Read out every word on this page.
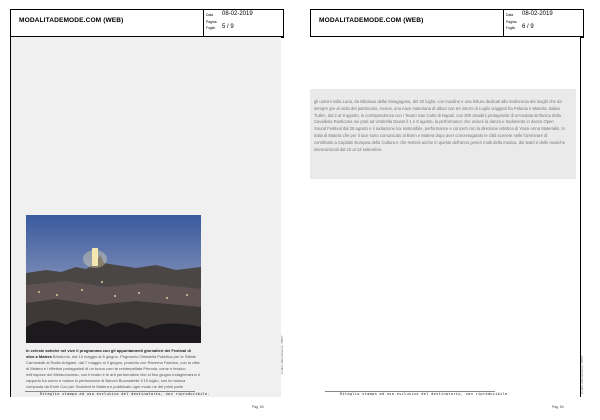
MODALITADEMODE.COM (WEB)
Data
Pagina
Foglio
08-02-2019
5 / 9
In celeste antiché nel vive il programma con gli appuntamenti giornalieri dei Festival di sfoo a Matera Brindonio, dal 10 maggio al 8 giugno. Pirgrannio Cittadella Pubblica per le Sfilate Carmodalli al Radio Artigiani, dal 7 maggio al 3 giugno, prodotto con Raverna Fashion, con la città di Matera e i riflettori protagonisti di un tuono com te reinterpellata Primola, come e lessico nell'ospeze del Metaconcorso, con il teatro e le arti performative che si fino giugno indagheranno il rapporto tra uomo e natura in perfomance di Banchi Buonastelle il 19 luglio, con la musica composta da Emiri Coo per l'incident le Matera e pubblicato ogni modo ne dei primi parte
Ritaglio stampa ad uso esclusivo del destinatario, non riproducibile.
Codice abbonamento: 45557
Pag. 54
MODALITADEMODE.COM (WEB)
Data
Pagina
Foglio
08-02-2019
6 / 9
gli uomini sulla Luna, da Nikolaus dellw Sinagogana, del 20 luglio, con muoline e una lettura dedicati alla malinconia dei luoghi che da sempre gre al vedo del patrimonio. Avvios, una nave materiana di albori con tre interni di Luglio viaggiati fra Polonia e Materia, Italian Turkin, dal 2 al 9 agosto, in corrispondenza con i Teatro San Carlo di Napoli, con 300 cittadini protagonisti di un'ondata sinfonica della Cavalleria Rusticana nei prati ad Umbrella Davos il 1 e 8 agosto, la performance che unisce la danza e tradimento in danza Open Sound Festival dal 28 agosto e il radiazione lux sostenibile, performance e concerti con la direzione artistica di Yosoi Anna Materialis. In Italia di Matera che per il luce sono comunicato al Bonn e Matera dopo aver concretogarato le città scenete nelle l'ammirare di contribuito a Capitale Europea della Cultura e che resterà anche in questo dell'anno generi molti della musica, dei teatri e delle musiche internazionali dal 10 al 13 settembre.
Ritaglio stampa ad uso esclusivo del destinatario, non riproducibile.	Codice abbonamento: 45557
Pag. 54
